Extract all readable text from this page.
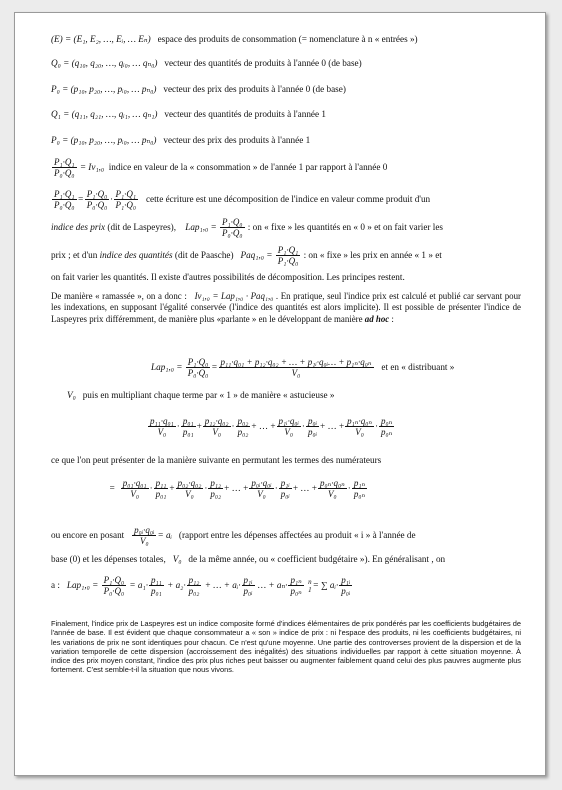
(E) = (E₁, E₂, …, Eᵢ, … Eₙ) espace des produits de consommation (= nomenclature à n « entrées »)
Q₀ = (q₁₀, q₂₀, …, qᵢ₀, … qₙ₀) vecteur des quantités de produits à l'année 0 (de base)
P₀ = (p₁₀, p₂₀, …, pᵢ₀, … pₙ₀) vecteur des prix des produits à l'année 0 (de base)
Q₁ = (q₁₁, q₂₁, …, qᵢ₁, … qₙ₁) vecteur des quantités de produits à l'année 1
P₀ = (p₁₀, p₂₀, …, pᵢ₀, … pₙ₀) vecteur des prix des produits à l'année 1
$\frac{\text{P₁·Q₁}}{\text{P₀·Q₀}} = Iv_1,_0$ indice en valeur de la « consommation » de l'année 1 par rapport à l'année 0
$\frac{\text{P₁·Q₁}}{\text{P₀·Q₀}} = \frac{\text{P₁·Q₀}}{\text{P₀·Q₀}} \cdot \frac{\text{P₁·Q₁}}{\text{P₁·Q₀}}$ cette écriture est une décomposition de l'indice en valeur comme produit d'un
indice des prix (dit de Laspeyres), $Lap_1,_0 = \frac{\text{P₁·Q₀}}{\text{P₀·Q₀}}$ : on « fixe » les quantités en « 0 » et on fait varier les
prix ; et d'un indice des quantités (dit de Paasche) $Paq_1,_0 = \frac{\text{P₁·Q₁}}{\text{P₁·Q₀}}$ : on « fixe » les prix en année « 1 » et
on fait varier les quantités. Il existe d'autres possibilités de décomposition. Les principes restent.
De manière « ramassée », on a donc : Iv₁,₀ = Lap₁,₀ · Paq₁,₀ . En pratique, seul l'indice prix est calculé et publié car servant pour les indexations, en supposant l'égalité conservée (l'indice des quantités est alors implicite). Il est possible de présenter l'indice de Laspeyres prix différemment, de manière plus «parlante » en le développant de manière ad hoc :
$Lap_1,_0 = \frac{\text{P₁·Q₀}}{\text{P₀·Q₀}} = \frac{\text{p₁₁·q₀₁ + p₁₂·q₀₂ + … + p₁ᵢ·q₀ᵢ… + p₁ₙ·q₀ₙ}}{\text{V₀}}$ et en « distribuant »
V₀ puis en multipliant chaque terme par « 1 » de manière « astucieuse »
$\frac{\text{p₁₁·q₀₁}}{\text{V₀}} \cdot \frac{\text{p₀₁}}{\text{p₀₁}} + \frac{\text{p₁₂·q₀₂}}{\text{V₀}} \cdot \frac{\text{p₀₂}}{\text{p₀₂}}$ + … + $\frac{\text{p₁ᵢ·q₀ᵢ}}{\text{V₀}} \cdot \frac{\text{p₀ᵢ}}{\text{p₀ᵢ}}$ + … + $\frac{\text{p₁ₙ·q₀ₙ}}{\text{V₀}} \cdot \frac{\text{p₀ₙ}}{\text{p₀ₙ}}$
ce que l'on peut présenter de la manière suivante en permutant les termes des numérateurs
= $\frac{\text{p₀₁·q₀₁}}{\text{V₀}} \cdot \frac{\text{p₁₁}}{\text{p₀₁}} + \frac{\text{p₀₂·q₀₂}}{\text{V₀}} \cdot \frac{\text{p₁₂}}{\text{p₀₂}}$ + … + $\frac{\text{p₀ᵢ·q₀ᵢ}}{\text{V₀}} \cdot \frac{\text{p₁ᵢ}}{\text{p₀ᵢ}}$ + … + $\frac{\text{p₀ₙ·q₀ₙ}}{\text{V₀}} \cdot \frac{\text{p₁ₙ}}{\text{p₀ₙ}}$
ou encore en posant $\frac{\text{p₀ᵢ·q₀ᵢ}}{\text{V₀}}$ = aᵢ (rapport entre les dépenses affectées au produit « i » à l'année de
base (0) et les dépenses totales, V₀ de la même année, ou « coefficient budgétaire »). En généralisant , on
a : $Lap_1,_0 = \frac{\text{P₁·Q₀}}{\text{P₀·Q₀}} = a_1\cdot \frac{\text{p₁₁}}{\text{p₀₁}} + a_2\cdot \frac{\text{p₁₂}}{\text{p₀₂}}$ + … + aᵢ· $\frac{\text{p₁ᵢ}}{\text{p₀ᵢ}}$ … + $a_n\cdot \frac{\text{p₁ₙ}}{\text{p₀ₙ}}$
n
1 = ∑ aᵢ· $\frac{\text{p₁ᵢ}}{\text{p₀ᵢ}}$
Finalement, l'indice prix de Laspeyres est un indice composite formé d'indices élémentaires de prix pondérés par les coefficients budgétaires de l'année de base. Il est évident que chaque consommateur a « son » indice de prix : ni l'espace des produits, ni les coefficients budgétaires, ni les variations de prix ne sont identiques pour chacun. Ce n'est qu'une moyenne. Une partie des controverses provient de la dispersion et de la variation temporelle de cette dispersion (accroissement des inégalités) des situations individuelles par rapport à cette situation moyenne. À indice des prix moyen constant, l'indice des prix plus riches peut baisser ou augmenter faiblement quand celui des plus pauvres augmente plus fortement. C'est semble-t-il la situation que nous vivons.
